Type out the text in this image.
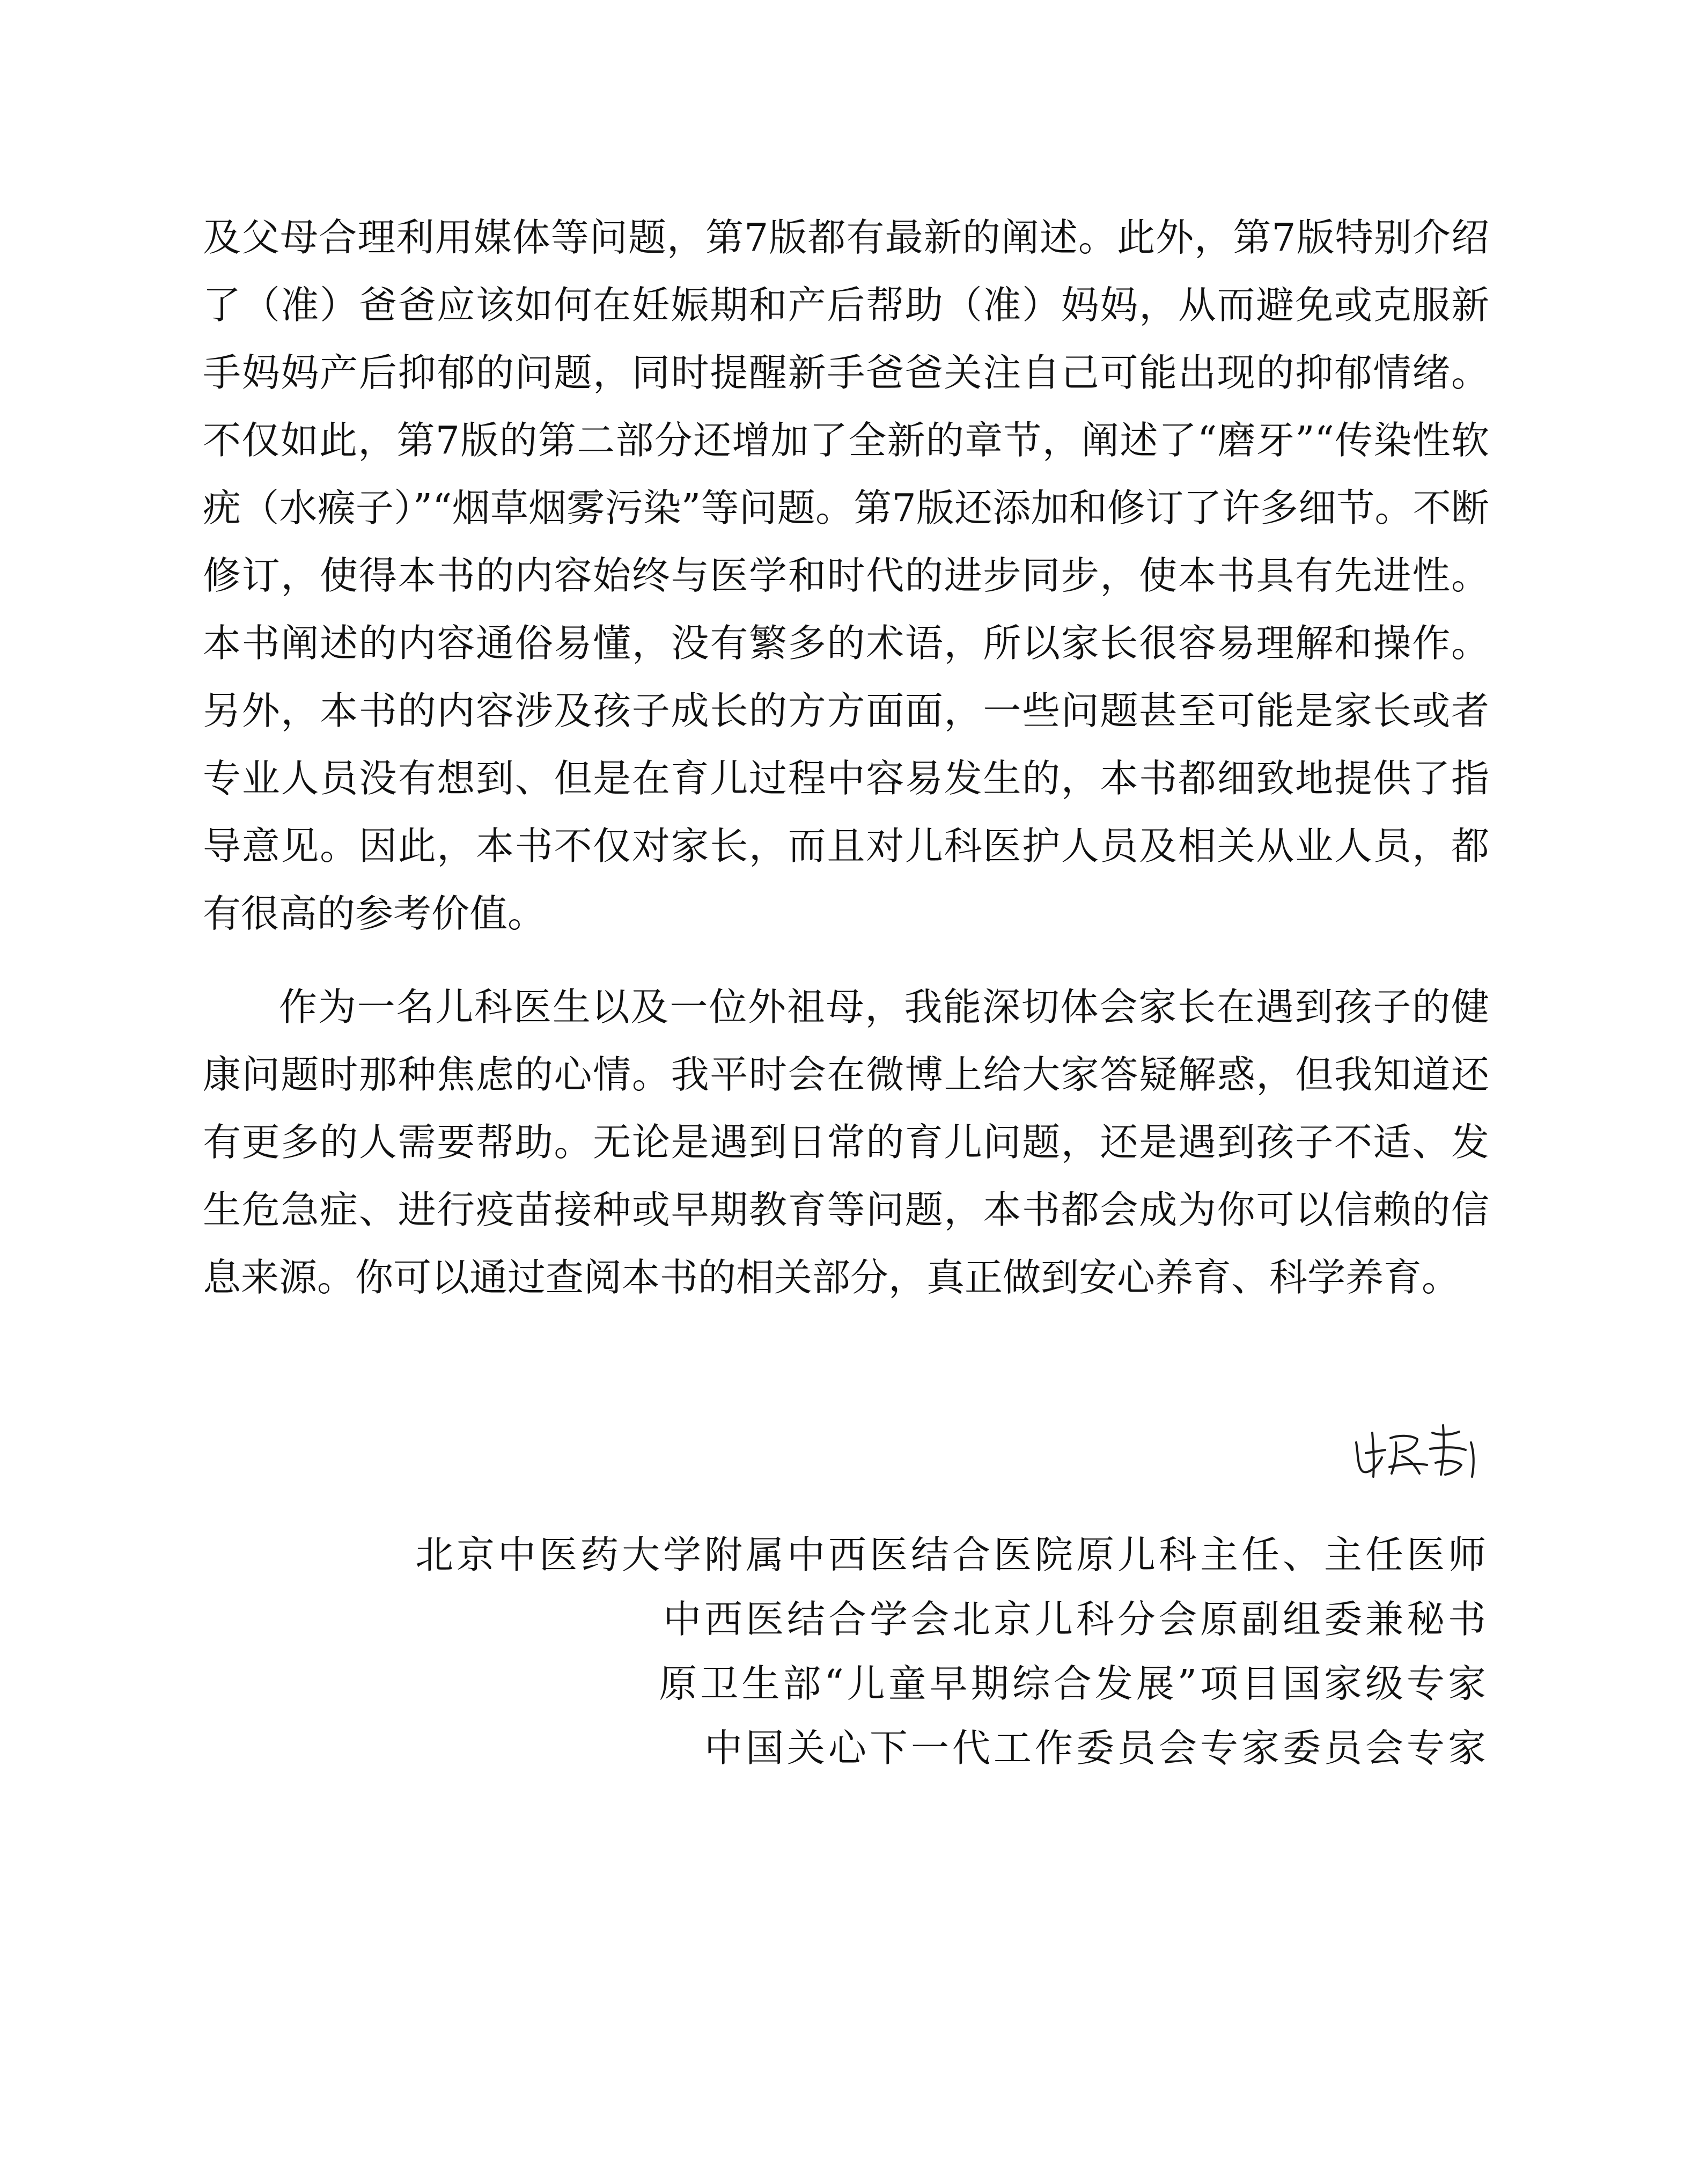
及父母合理利用媒体等问题，第7版都有最新的阐述。此外，第7版特别介绍了（准）爸爸应该如何在妊娠期和产后帮助（准）妈妈，从而避免或克服新手妈妈产后抑郁的问题，同时提醒新手爸爸关注自己可能出现的抑郁情绪。不仅如此，第7版的第二部分还增加了全新的章节，阐述了“磨牙”“传染性软疣（水瘊子）”“烟草烟雾污染”等问题。第7版还添加和修订了许多细节。不断修订，使得本书的内容始终与医学和时代的进步同步，使本书具有先进性。本书阐述的内容通俗易懂，没有繁多的术语，所以家长很容易理解和操作。另外，本书的内容涉及孩子成长的方方面面，一些问题甚至可能是家长或者专业人员没有想到、但是在育儿过程中容易发生的，本书都细致地提供了指导意见。因此，本书不仅对家长，而且对儿科医护人员及相关从业人员，都有很高的参考价值。

作为一名儿科医生以及一位外祖母，我能深切体会家长在遇到孩子的健康问题时那种焦虑的心情。我平时会在微博上给大家答疑解惑，但我知道还有更多的人需要帮助。无论是遇到日常的育儿问题，还是遇到孩子不适、发生危急症、进行疫苗接种或早期教育等问题，本书都会成为你可以信赖的信息来源。你可以通过查阅本书的相关部分，真正做到安心养育、科学养育。

北京中医药大学附属中西医结合医院原儿科主任、主任医师
中西医结合学会北京儿科分会原副组委兼秘书
原卫生部“儿童早期综合发展”项目国家级专家
中国关心下一代工作委员会专家委员会专家
